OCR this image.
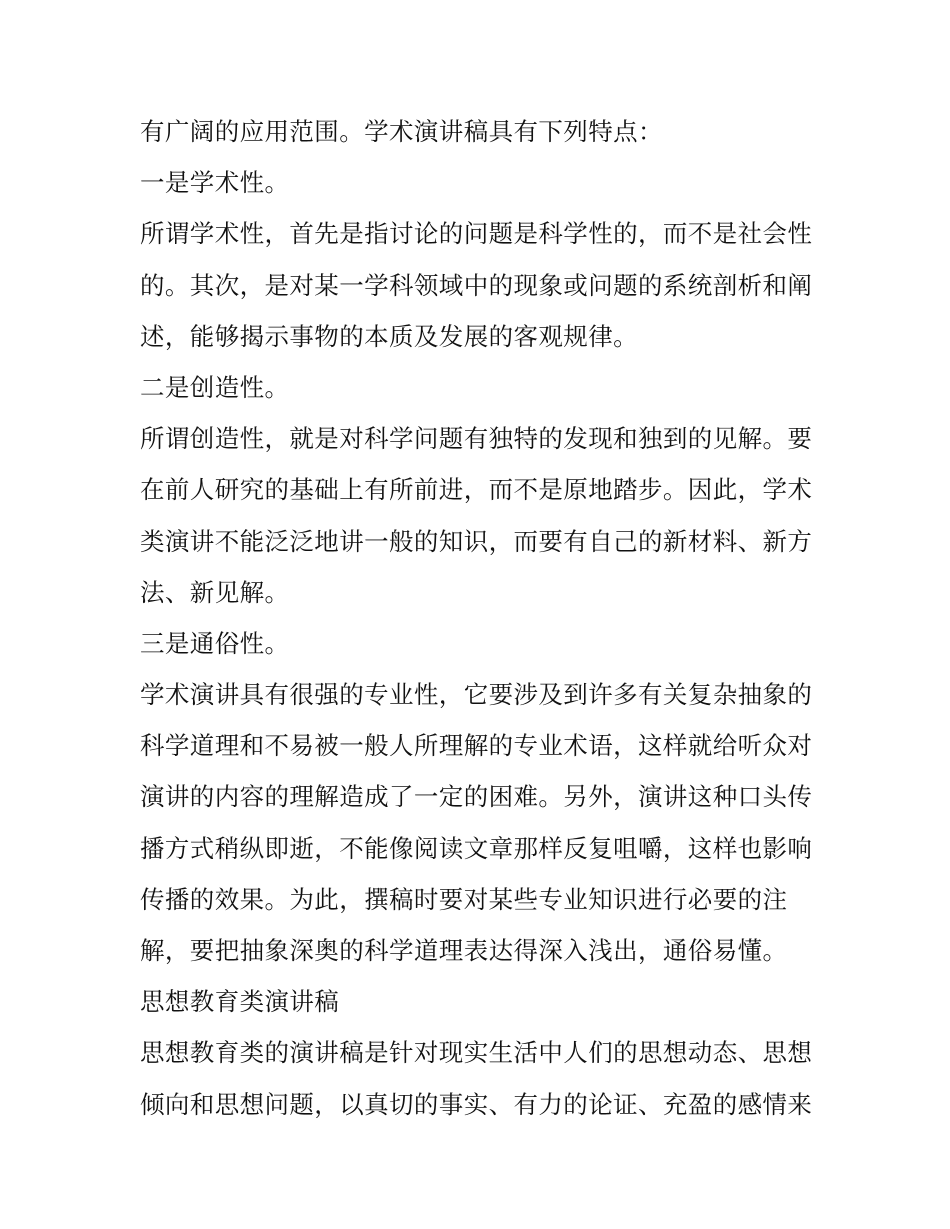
有广阔的应用范围。学术演讲稿具有下列特点：
一是学术性。
所谓学术性，首先是指讨论的问题是科学性的，而不是社会性
的。其次，是对某一学科领域中的现象或问题的系统剖析和阐
述，能够揭示事物的本质及发展的客观规律。
二是创造性。
所谓创造性，就是对科学问题有独特的发现和独到的见解。要
在前人研究的基础上有所前进，而不是原地踏步。因此，学术
类演讲不能泛泛地讲一般的知识，而要有自己的新材料、新方
法、新见解。
三是通俗性。
学术演讲具有很强的专业性，它要涉及到许多有关复杂抽象的
科学道理和不易被一般人所理解的专业术语，这样就给听众对
演讲的内容的理解造成了一定的困难。另外，演讲这种口头传
播方式稍纵即逝，不能像阅读文章那样反复咀嚼，这样也影响
传播的效果。为此，撰稿时要对某些专业知识进行必要的注
解，要把抽象深奥的科学道理表达得深入浅出，通俗易懂。
思想教育类演讲稿
思想教育类的演讲稿是针对现实生活中人们的思想动态、思想
倾向和思想问题，以真切的事实、有力的论证、充盈的感情来
